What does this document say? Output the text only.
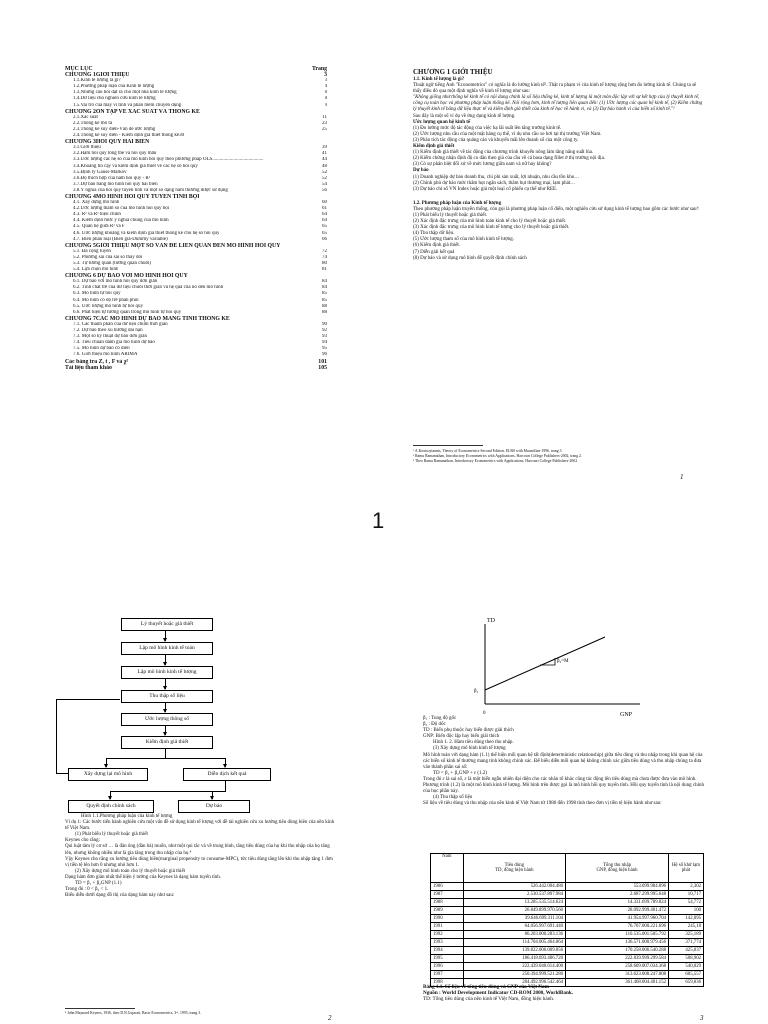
MỤC LỤC	Trang
CHƯƠNG 1GIỚI THIỆU	3
1.1.Kinh tế lượng là gì?	3
1.2.Phương pháp luận của Kinh tế lượng	4
1.3.Những câu hỏi đặt ra cho một nhà kinh tế lượng	8
1.4.Dữ liệu cho nghiên cứu kinh tế lượng	8
1.5.Vai trò của máy vi tính và phần mềm chuyên dụng	9
CHƯƠNG 2ÔN TẬP VỀ XÁC SUẤT VÀ THỐNG KÊ
2.1.Xác suất	11
2.2.Thống kê mô tả	23
2.3.Thống kê suy diễn-Vấn đề ước lượng	25
2.4.Thống kê suy diễn - Kiểm định giả thiết thống kê30
CHƯƠNG 3HỒI QUY HAI BIẾN
3.1.Giới thiệu	39
3.2.Hàm hồi quy tổng thể và hồi quy mẫu	41
3.3.Ước lượng các hệ số của mô hình hồi quy theo phương pháp OLS.........................................	44
3.4.Khoảng tin cậy và kiểm định giả thiết về các hệ số hồi quy	48
3.5.Định lý Gauss-Markov	52
3.6.Độ thích hợp của hàm hồi quy - R²	52
3.7.Dự báo bằng mô hình hồi quy hai biến	54
3.8.Ý nghĩa của hồi quy tuyến tính và một số dạng hàm thường được sử dụng	56
CHƯƠNG 4MÔ HÌNH HỒI QUY TUYẾN TÍNH BỘI
4.1. Xây dựng mô hình	60
4.2.Ước lượng tham số của mô hình hồi quy bội	61
4.3. R² và R² hiệu chỉnh	64
4.4. Kiểm định mức ý nghĩa chung của mô hình	64
4.5. Quan hệ giữa R² và F	65
4.6. Ước lượng khoảng và kiểm định giả thiết thống kê cho hệ số hồi quy	65
4.7. Biến phân loại (Biến giả-Dummy variable)	66
CHƯƠNG 5GIỚI THIỆU MỘT SỐ VẤN ĐỀ LIÊN QUAN ĐẾN MÔ HÌNH HỒI QUY
5.1. Đa cộng tuyến	72
5.2. Phương sai của sai số thay đổi	74
5.3. Tự tương quan (tương quan chuỗi)	80
5.4. Lựa chọn mô hình	81
CHƯƠNG 6 DỰ BÁO VỚI MÔ HÌNH HỒI QUY
6.1. Dự báo với mô hình hồi quy đơn giản	84
6.2. Tính chất trễ của dữ liệu chuỗi thời gian và hệ quả của nó đến mô hình	84
6.3. Mô hình tự hồi quy	85
6.4. Mô hình có độ trễ phân phối	85
6.5. Ước lượng mô hình tự hồi quy	88
6.6. Phát hiện tự tương quan trong mô hình tự hồi quy	88
CHƯƠNG 7CÁC MÔ HÌNH DỰ BÁO MANG TÍNH THỐNG KÊ
7.1. Các thành phần của dữ liệu chuỗi thời gian	90
7.2. Dự báo theo xu hướng dài hạn	92
7.3. Một số kỹ thuật dự báo đơn giản	93
7.4. Tiêu chuẩn đánh giá mô hình dự báo	94
7.5. Mô hình dự báo cổ điển	95
7.6. Giới thiệu mô hình ARIMA	96
Các bảng tra Z, t , F và χ²	101
Tài liệu tham khảo	105
CHƯƠNG 1 GIỚI THIỆU
1.1. Kinh tế lượng là gì?
Thuật ngữ tiếng Anh "Econometrics" có nghĩa là đo lường kinh tế¹. Thật ra phạm vi của kinh tế lượng rộng hơn đo lường kinh tế. Chúng ta sẽ thấy điều đó qua một định nghĩa về kinh tế lượng như sau:
"Không giống như thống kê kinh tế có nội dung chính là số liệu thống kê, kinh tế lượng là một môn độc lập với sự kết hợp của lý thuyết kinh tế, công cụ toán học và phương pháp luận thống kê. Nói rộng hơn, kinh tế lượng liên quan đến: (1) Ước lượng các quan hệ kinh tế, (2) Kiểm chứng lý thuyết kinh tế bằng dữ liệu thực tế và kiểm định giả thiết của kinh tế học về hành vi, và (3) Dự báo hành vi của biến số kinh tế."²
Sau đây là một số ví dụ về ứng dụng kinh tế lượng.
Ước lượng quan hệ kinh tế
(1) Đo lường mức độ tác động của việc hạ lãi suất lên tăng trưởng kinh tế.
(2) Ước lượng nhu cầu của một mặt hàng cụ thể, ví dụ nhu cầu xe hơi tại thị trường Việt Nam.
(3) Phân tích tác động của quảng cáo và khuyến mãi lên doanh số của một công ty.
Kiểm định giả thiết
(1) Kiểm định giả thiết về tác động của chương trình khuyến nông làm tăng năng suất lúa.
(2) Kiểm chứng nhận định độ co dãn theo giá của cầu về cá basa dạng fillet ở thị trường nội địa.
(3) Có sự phân biệt đối xử về mức lương giữa nam và nữ hay không?
Dự báo
(1) Doanh nghiệp dự báo doanh thu, chi phí sản xuất, lợi nhuận, nhu cầu tồn kho…
(2) Chính phủ dự báo mức thâm hụt ngân sách, thâm hụt thương mại, lạm phát…
(3) Dự báo chỉ số VN Index hoặc giá một loại cổ phiếu cụ thể như REE.
1.2. Phương pháp luận của Kinh tế lượng
Theo phương pháp luận truyền thống, còn gọi là phương pháp luận cổ điển, một nghiên cứu sử dụng kinh tế lượng bao gồm các bước như sau³:
(1) Phát biểu lý thuyết hoặc giả thiết.
(2) Xác định đặc trưng của mô hình toán kinh tế cho lý thuyết hoặc giả thiết.
(3) Xác định đặc trưng của mô hình kinh tế lượng cho lý thuyết hoặc giả thiết.
(4) Thu thập dữ liệu.
(5) Ước lượng tham số của mô hình kinh tế lượng.
(6) Kiểm định giả thiết.
(7) Diễn giải kết quả
(8) Dự báo và sử dụng mô hình để quyết định chính sách
¹ A.Koutsoyiannis, Theory of Econometrics-Second Edition, ELBS with Macmillan-1996, trang 3
² Ramu Ramanathan, Introductory Econometrics with Applications, Harcourt College Publishers-2002, trang 2.
³ Theo Ramu Ramanathan, Introductory Econometrics with Applications, Harcourt College Publishers-2002
1
1
Lý thuyết hoặc giả thiết
Lập mô hình kinh tế toán
Lập mô hình kinh tế lượng
Thu thập số liệu
Ước lượng thông số
Kiểm định giả thiết
Xây dựng lại mô hình	Diễn dịch kết quả
Quyết định chính sách	Dự báo
Hình 1.1.Phương pháp luận của kinh tế lượng
Ví dụ 1: Các bước tiến hành nghiên cứu một vấn đề sử dụng kinh tế lượng với đề tài nghiên cứu xu hướng tiêu dùng biên của nền kinh tế Việt Nam.
(1) Phát biểu lý thuyết hoặc giả thiết
Keynes cho rằng:
Qui luật tâm lý cơ sở … là đàn ông (đàn bà) muốn, như một qui tắc và về trung bình, tăng tiêu dùng của họ khi thu nhập của họ tăng lên, nhưng không nhiều như là gia tăng trong thu nhập của họ.⁴
Vậy Keynes cho rằng xu hướng tiêu dùng biên(marginal propensity to consume-MPC), tức tiêu dùng tăng lên khi thu nhập tăng 1 đơn vị tiền tệ lên hơn 0 nhưng nhỏ hơn 1.
(2) Xây dựng mô hình toán cho lý thuyết hoặc giả thiết
Dạng hàm đơn giản nhất thể hiện ý tưởng của Keynes là dạng hàm tuyến tính.
TD = β₁ + β₂GNP (1.1)
Trong đó : 0 < β₂ < 1.
Biểu diễn dưới dạng đồ thị của dạng hàm này như sau:
⁴ John Maynard Keynes, 1936, theo D.N.Gujarati, Basic Econometrics, 3ʳᵈ, 1995, trang 3.
2
TD
GNP
0
β₁
β₂=M
β₁ : Tung độ gốc
β₂ : Độ dốc
TD : Biến phụ thuộc hay biến được giải thích
GNP: Biến độc lập hay biến giải thích
Hình 1. 2. Hàm tiêu dùng theo thu nhập.
(3) Xây dựng mô hình kinh tế lượng
Mô hình toán với dạng hàm (1.1) thể hiện mối quan hệ tất định(deterministic relationship) giữa tiêu dùng và thu nhập trong khi quan hệ của các biến số kinh tế thường mang tính không chính xác. Để biểu diễn mối quan hệ không chính xác giữa tiêu dùng và thu nhập chúng ta đưa vào thành phần sai số:
TD = β₁ + β₂GNP + ε (1.2)
Trong đó ε là sai số, ε là một biến ngẫu nhiên đại diện cho các nhân tố khác cũng tác động lên tiêu dùng mà chưa được đưa vào mô hình.
Phương trình (1.2) là một mô hình kinh tế lượng. Mô hình trên được gọi là mô hình hồi quy tuyến tính. Hồi quy tuyến tính là nội dung chính của học phần này.
(4) Thu thập số liệu
Số liệu về tiêu dùng và thu nhập của nền kinh tế Việt Nam từ 1986 đến 1998 tính theo đơn vị tiền tệ hiện hành như sau:
Năm	Tiêu dùng
TD, đồng hiện hành	Tổng thu nhập
GNP, đồng hiện hành	Hệ số khử lạm phát
1986	526.442.004.480	553.099.984.896	2,302
1987	2.530.537.897.984	2.687.299.995.648	10,717
1988	13.285.535.514.624	14.331.699.789.824	54,772
1989	26.849.899.970.560	28.092.999.401.472	100
1990	39.646.699.311.104	41.954.997.960.704	142,095
1991	64.056.997.691.440	76.707.000.221.696	245,18
1992	86.203.000.283.136	110.535.001.505.792	325,189
1993	114.704.005.464.064	136.571.000.979.456	371,774
1994	139.822.006.009.856	170.258.006.540.288	425,837
1995	186.418.693.406.720	222.839.999.299.584	508,902
1996	222.439.040.614.400	258.609.007.034.368	540,029
1997	250.394.999.521.280	313.623.008.247.808	605,557
1998	284.492.996.542.464	361.468.004.401.152	659,836
Bảng 1.1. Số liệu về tổng tiêu dùng và GNP của Việt Nam
Nguồn : World Development Indicator CD-ROM 2000, WorldBank.
TD: Tổng tiêu dùng của nền kinh tế Việt Nam, đồng hiện hành.
3
